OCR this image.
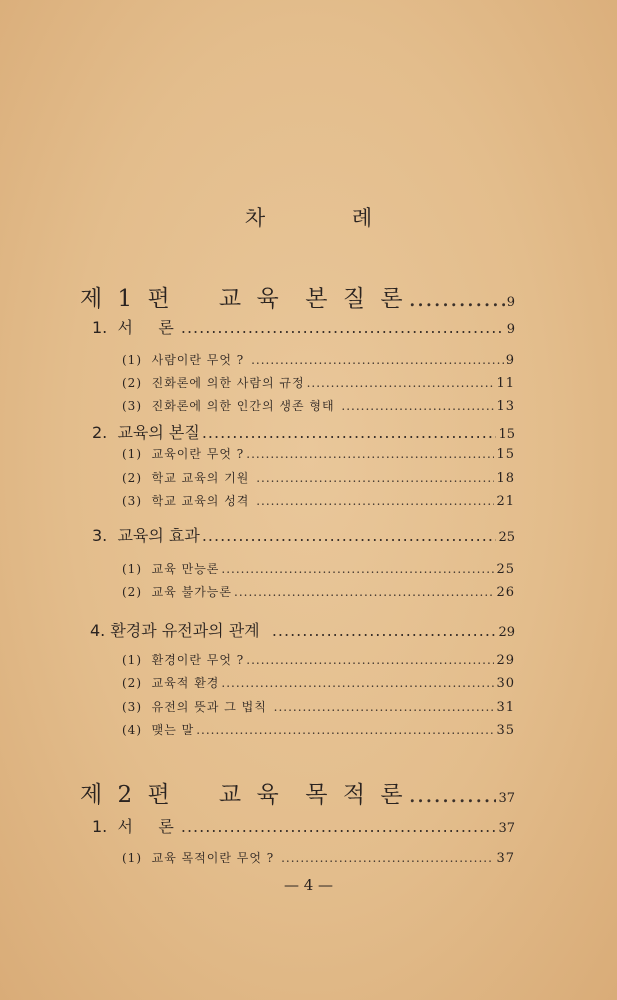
차 례
제 1 편    교 육  본 질 론 .....	9
1.  서     론 .....	9
(1)  사람이란 무엇 ? .....	9
(2)  진화론에 의한 사람의 규정 .....	11
(3)  진화론에 의한 인간의 생존 형태 .....	13
2.  교육의 본질 .....	15
(1)  교육이란 무엇 ? .....	15
(2)  학교 교육의 기원 .....	18
(3)  학교 교육의 성격 .....	21
3.  교육의 효과 .....	25
(1)  교육 만능론 .....	25
(2)  교육 불가능론 .....	26
4. 환경과 유전과의 관계 .....	29
(1)  환경이란 무엇 ? .....	29
(2)  교육적 환경 .....	30
(3)  유전의 뜻과 그 법칙 .....	31
(4)  맺는 말 .....	35
제 2 편    교 육  목 적 론 .....	37
1.  서     론 .....	37
(1)  교육 목적이란 무엇 ? .....	37
— 4 —
